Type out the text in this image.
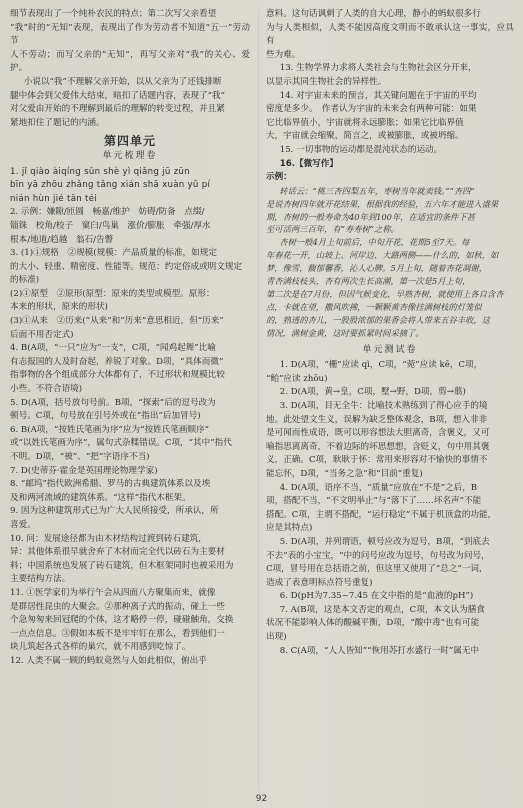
细节表现出了一个纯朴农民的特点；第二次写父亲看望

“我”时的“无知”表现，表现出了作为劳动者不知道“五一”劳动节

人不劳动；而写父亲的“无知”，再写父亲对“我”的关心、爱护。

小说以“我”不理解父亲开始，以从父亲为了还钱排断

腿中体会到父爱伟大结束，暗扣了话题内容，表现了“我”

对父爱由开始的不理解到最后的理解的转变过程，并且紧

紧地扣住了题记的内涵。

第四单元
单元梳理卷

1. jǐ qiào àiqíng sǔn shè yì qiǎng jū zūn

bīn yā zhōu zhǎng tǎng xián shā xuàn yǔ pí

nián hùn jié tān téi

2. 示例：嫌隙/匝圆　畅嘉/维护　妨碍/防备　点缀/

锱铢　校角/校子　窠臼/鸟巢　涨价/膨胀　牵强/厚水

根本/地道/趋越　翁石/告瞥

3. (1)①规格　②规模(规模：产品质量的标准，如规定

的大小、轻重、精密度、性能等。规范：约定俗成或明文规定

的标准)

(2)①原型　②原形(原型：原来的类型或模型。原形：

本来的形状，原来的形状)

(3)①从来　②历来(“从来”和“历来”意思相近，但“历来”

后面不用否定式)

4. B(A项，“一只”应为“一支”，C项，“闻鸡起舞”比喻

有志报国的人及时奋起，养锐了对象。D项，“具体而微”

指事物的各个组成部分大体都有了，不过形状和规模比较

小些。不符合语境)

5. D(A项，括号放句号前。B项，“探索”后的逗号改为

顿号。C项，句号放在引号外或在“指出”后加冒号)

6. B(A项，“按姓氏笔画为序”应为“按姓氏笔画顺序”

或“以姓氏笔画为序”，属句式杂糅错误。C项，“其中”指代

不明。D项，“被”、“把”字语序不当)

7. D(史蒂芬·霍金是英国理论物理学家)

8. “邮坞”指代欧洲希腊、罗马的古典建筑体系以及埃

及和两河流域的建筑体系。“这样”指代木框架。

9. 因为这种建筑形式已为广大人民所接受，所承认，所

喜爱。

10. 问：发展途径都为由木材结构过渡到砖石建筑，

异：其他体系很早就舍弃了木材而完全代以砖石为主要材

料；中国系统也发展了砖石建筑，但木框架同时也被采用为

主要结构方法。

11. ①医学家们为举行午会从四面八方聚集而来，就像

是群居性昆虫的大聚会。②那种离子式的振动，碰上一些

个急匆匆来回冠爬的个体，这才略停一停，碰碰触角，交换

一点点信息。③假如本板不是牢牢钉在那么，看到他们一

块儿筑起各式各样的巢穴，就不用感到吃惊了。

12. 人类不属一顾的蚂蚁竟然与人如此相似，俯出乎

意料。这句话讽刺了人类的自大心理，静小的蚂蚁很多行

为与人类相似，人类不能因高度文明而不敢承认这一事实，应具有

些为难。

13. 生物学界力求将人类社会与生物社会区分开来，

以显示其同生物社会的异样性。

14. 对宇宙未来的预言，其关键问题在于宇宙的平均

密度是多少。　作者认为宇宙的未来会有两种可能：如果

它比临界值小，宇宙就将永远膨胀；如果它比临界值

大，宇宙就会缩聚，简言之，或被膨胀，或被坍缩。

15. 一切事物的运动都是混沌状态的运动。

16.【微写作】

示例：

转话云：“桃三杏四梨五年，枣树当年就卖钱。”“杏四”

是说杏树四年就开花结果，根据我的经验，五六年才能进入盛果

期，杏树的一般寿命为40年到100年，在适宜的条件下甚

至可活两三百年，有“寿寿树”之称。

杏树一般4月上旬前后，中旬开花，花期5至7天。每

年春花一开，山坡上、河岸边、大路两侧——什么的，如秋，如

梦，像雪，馥郁馨香，沁人心脾。5月上旬，随着杏花凋谢，

青杏满枝枝头，杏有两次生长高潮，第一次是5月上旬，

第二次是在7月份，但因气候变化，早熟杏树，就使用上各自含杏

点，卡就在望，撒风吹拂，一颗颗黄杏像挂满树枝的灯笼似

的，熟透的杏儿，一股股浓郁的果香会将人带来五谷丰收，这

情况，满树金黄，这时要抓紧时间采摘了。

单元测试卷

1. D(A项，“栅”应读 qì，C项，“菀”应读 kē，C项，

“鲐”应读 zhōu)

2. D(A项，黄→皇，C项，墅→野，D项，剪→翦)

3. D(A项，目无全牛：比喻技术熟练到了得心应手的境

地。此处望文生义，误解为缺乏整体观念，B项，想入非非

是可闻而性成语，既可以形容想法大胆离奇，含褒义，又可

喻指思离离奇，不着边际的坏思想想，含贬义，句中用其褒

义，正确。C项，耿耿于怀：常用来形容对不愉快的事情不

能忘怀，D项，“当务之急”和“目前”重复)

4. D(A项，语序不当，“质量”应放在“不是”之后，B

项，搭配不当，“不文明举止”与“落下了……坏名声”不能

搭配。C项，主谓不搭配，“运行稳定”不属于机顶盒的功能，

应是其特点)

5. D(A项，并列谓语，顿号应改为逗号，B项，“到底去

不去”表的小宝宝，“中的问号应改为逗号，句号改为问号，

C项，冒号用在总括语之前，但这里又使用了“总之”一词，

造成了表意明标点符号重复)

6. D(pH为7.35~7.45 在文中指的是“血液的pH”)

7. A(B项，这是本文否定的观点，C项，本文认为膳食

状况不能影响人体的酸碱平衡，D项，“酸中毒”也有可能

出现)

8. C(A项，“人人皆知”“恢用苏打水盛行一时”属无中

92
